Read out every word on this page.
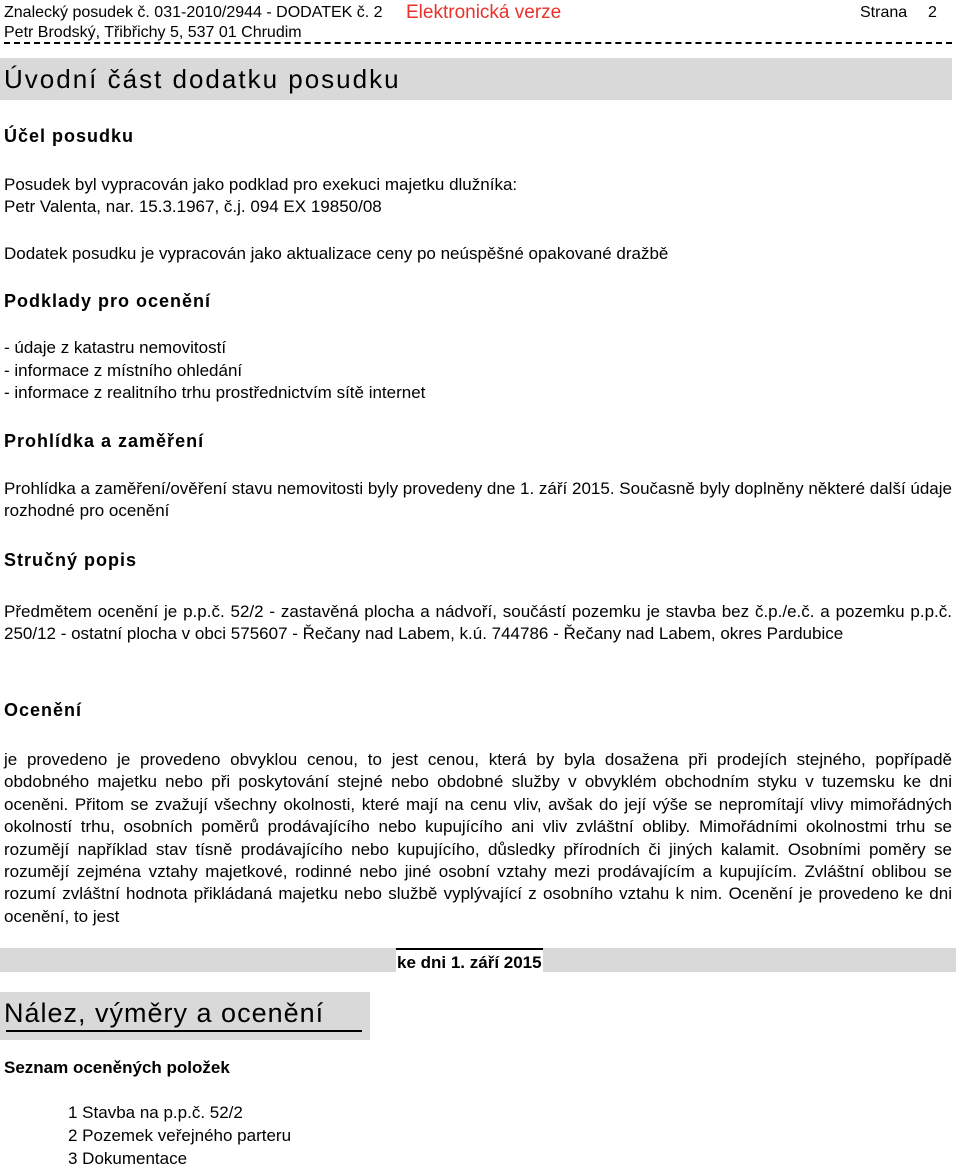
Znalecký posudek č. 031-2010/2944 - DODATEK č. 2 Elektronická verze	Strana 2
Petr Brodský, Třibřichy 5, 537 01 Chrudim
Úvodní část dodatku posudku
Účel posudku
Posudek byl vypracován jako podklad pro exekuci majetku dlužníka:
Petr Valenta, nar. 15.3.1967, č.j. 094 EX 19850/08
Dodatek posudku je vypracován jako aktualizace ceny po neúspěšné opakované dražbě
Podklady pro ocenění
- údaje z katastru nemovitostí
- informace z místního ohledání
- informace z realitního trhu prostřednictvím sítě internet
Prohlídka a zaměření
Prohlídka a zaměření/ověření stavu nemovitosti byly provedeny dne 1. září 2015. Současně byly doplněny některé další údaje rozhodné pro ocenění
Stručný popis
Předmětem ocenění je p.p.č. 52/2 - zastavěná plocha a nádvoří, součástí pozemku je stavba bez č.p./e.č. a pozemku p.p.č. 250/12 - ostatní plocha v obci 575607 - Řečany nad Labem, k.ú. 744786 - Řečany nad Labem, okres Pardubice
Ocenění
je provedeno je provedeno obvyklou cenou, to jest cenou, která by byla dosažena při prodejích stejného, popřípadě obdobného majetku nebo při poskytování stejné nebo obdobné služby v obvyklém obchodním styku v tuzemsku ke dni oceněni. Přitom se zvažují všechny okolnosti, které mají na cenu vliv, avšak do její výše se nepromítají vlivy mimořádných okolností trhu, osobních poměrů prodávajícího nebo kupujícího ani vliv zvláštní obliby. Mimořádními okolnostmi trhu se rozumějí například stav tísně prodávajícího nebo kupujícího, důsledky přírodních či jiných kalamit. Osobními poměry se rozumějí zejména vztahy majetkové, rodinné nebo jiné osobní vztahy mezi prodávajícím a kupujícím. Zvláštní oblibou se rozumí zvláštní hodnota přikládaná majetku nebo službě vyplývající z osobního vztahu k nim. Ocenění je provedeno ke dni ocenění, to jest
ke dni 1. září 2015
Nález, výměry a ocenění
Seznam oceněných položek
1 Stavba na p.p.č. 52/2
2 Pozemek veřejného parteru
3 Dokumentace
